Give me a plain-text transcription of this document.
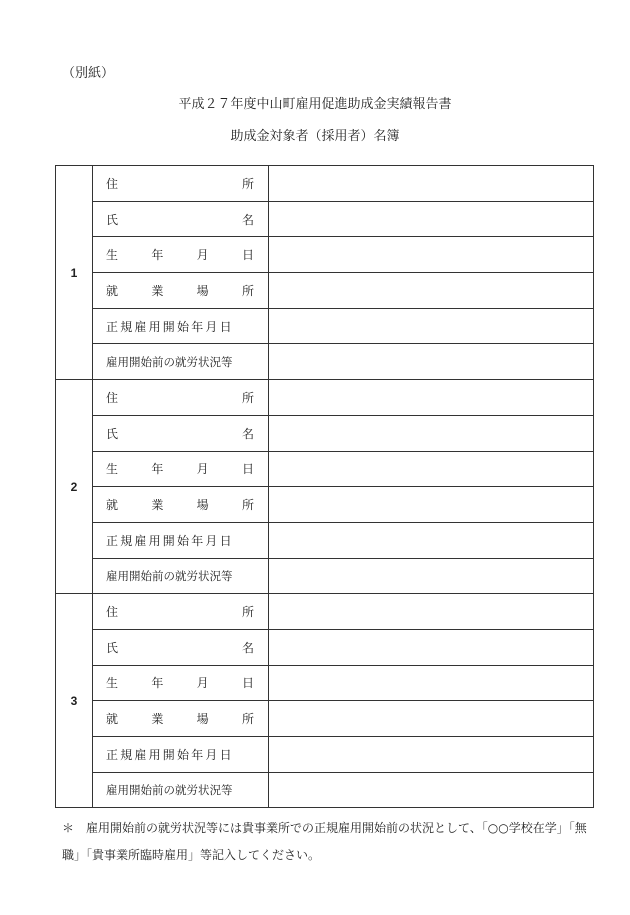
（別紙）
平成２７年度中山町雇用促進助成金実績報告書
助成金対象者（採用者）名簿
1	住 所	

	氏 名	

	生 年 月 日	

	就 業 場 所	

	正規雇用開始年月日	

	雇用開始前の就労状況等	

2	住 所	

	氏 名	

	生 年 月 日	

	就 業 場 所	

	正規雇用開始年月日	

	雇用開始前の就労状況等	

3	住 所	

	氏 名	

	生 年 月 日	

	就 業 場 所	

	正規雇用開始年月日	

	雇用開始前の就労状況等	

＊　雇用開始前の就労状況等には貴事業所での正規雇用開始前の状況として、「○○学校在学」「無職」「貴事業所臨時雇用」等記入してください。
